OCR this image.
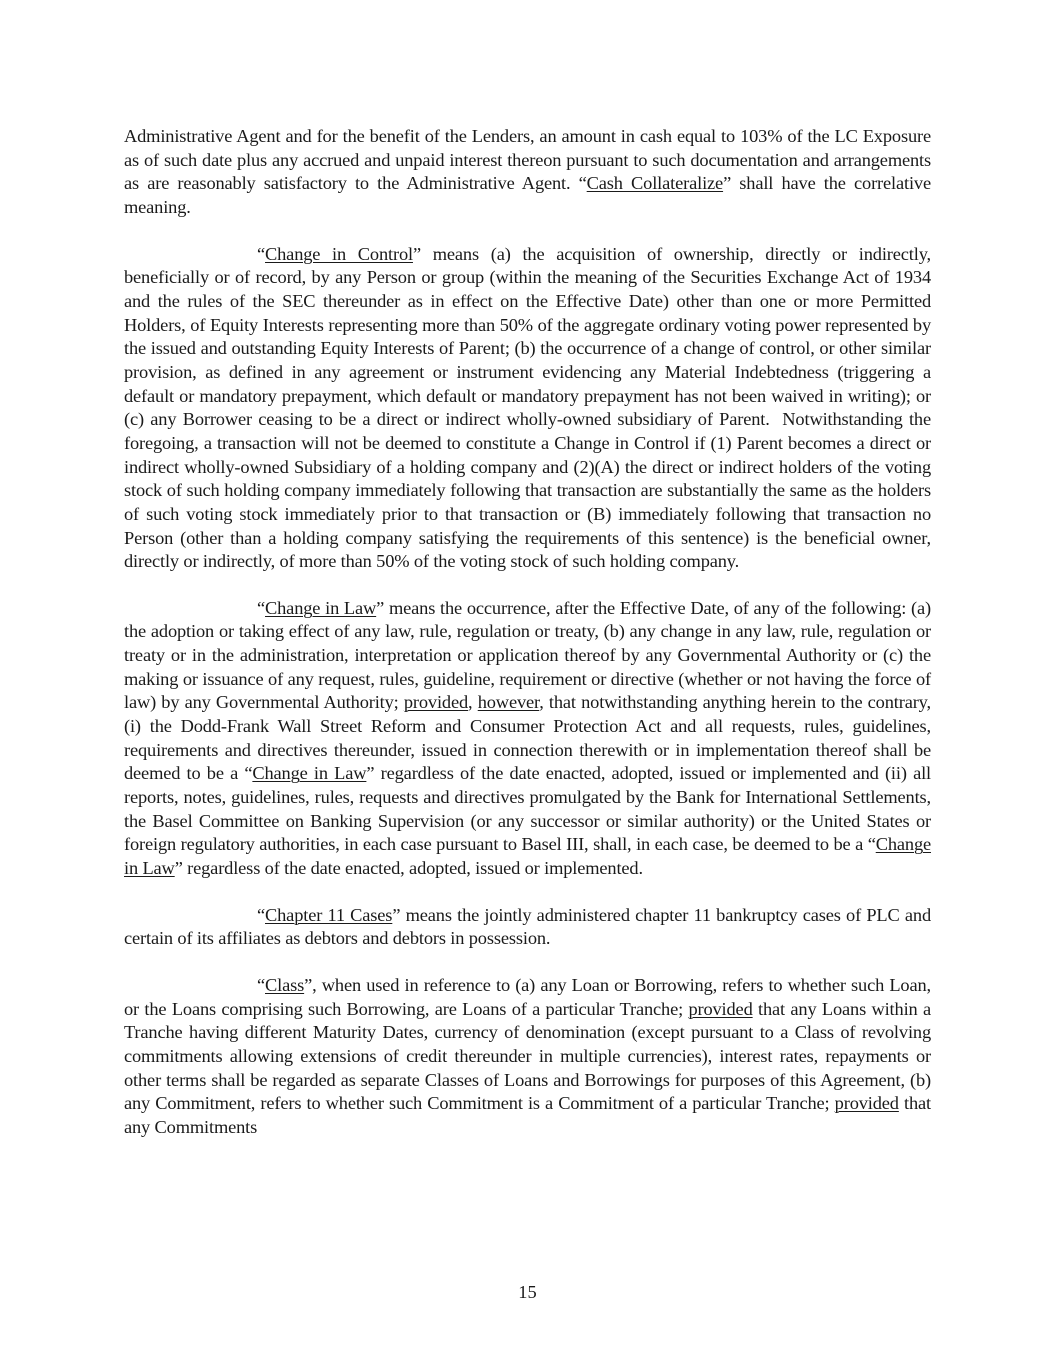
Administrative Agent and for the benefit of the Lenders, an amount in cash equal to 103% of the LC Exposure as of such date plus any accrued and unpaid interest thereon pursuant to such documentation and arrangements as are reasonably satisfactory to the Administrative Agent. “Cash Collateralize” shall have the correlative meaning.

“Change in Control” means (a) the acquisition of ownership, directly or indirectly, beneficially or of record, by any Person or group (within the meaning of the Securities Exchange Act of 1934 and the rules of the SEC thereunder as in effect on the Effective Date) other than one or more Permitted Holders, of Equity Interests representing more than 50% of the aggregate ordinary voting power represented by the issued and outstanding Equity Interests of Parent; (b) the occurrence of a change of control, or other similar provision, as defined in any agreement or instrument evidencing any Material Indebtedness (triggering a default or mandatory prepayment, which default or mandatory prepayment has not been waived in writing); or (c) any Borrower ceasing to be a direct or indirect wholly-owned subsidiary of Parent.  Notwithstanding the foregoing, a transaction will not be deemed to constitute a Change in Control if (1) Parent becomes a direct or indirect wholly-owned Subsidiary of a holding company and (2)(A) the direct or indirect holders of the voting stock of such holding company immediately following that transaction are substantially the same as the holders of such voting stock immediately prior to that transaction or (B) immediately following that transaction no Person (other than a holding company satisfying the requirements of this sentence) is the beneficial owner, directly or indirectly, of more than 50% of the voting stock of such holding company.

“Change in Law” means the occurrence, after the Effective Date, of any of the following: (a) the adoption or taking effect of any law, rule, regulation or treaty, (b) any change in any law, rule, regulation or treaty or in the administration, interpretation or application thereof by any Governmental Authority or (c) the making or issuance of any request, rules, guideline, requirement or directive (whether or not having the force of law) by any Governmental Authority; provided, however, that notwithstanding anything herein to the contrary, (i) the Dodd-Frank Wall Street Reform and Consumer Protection Act and all requests, rules, guidelines, requirements and directives thereunder, issued in connection therewith or in implementation thereof shall be deemed to be a “Change in Law” regardless of the date enacted, adopted, issued or implemented and (ii) all reports, notes, guidelines, rules, requests and directives promulgated by the Bank for International Settlements, the Basel Committee on Banking Supervision (or any successor or similar authority) or the United States or foreign regulatory authorities, in each case pursuant to Basel III, shall, in each case, be deemed to be a “Change in Law” regardless of the date enacted, adopted, issued or implemented.

“Chapter 11 Cases” means the jointly administered chapter 11 bankruptcy cases of PLC and certain of its affiliates as debtors and debtors in possession.

“Class”, when used in reference to (a) any Loan or Borrowing, refers to whether such Loan, or the Loans comprising such Borrowing, are Loans of a particular Tranche; provided that any Loans within a Tranche having different Maturity Dates, currency of denomination (except pursuant to a Class of revolving commitments allowing extensions of credit thereunder in multiple currencies), interest rates, repayments or other terms shall be regarded as separate Classes of Loans and Borrowings for purposes of this Agreement, (b) any Commitment, refers to whether such Commitment is a Commitment of a particular Tranche; provided that any Commitments

15
